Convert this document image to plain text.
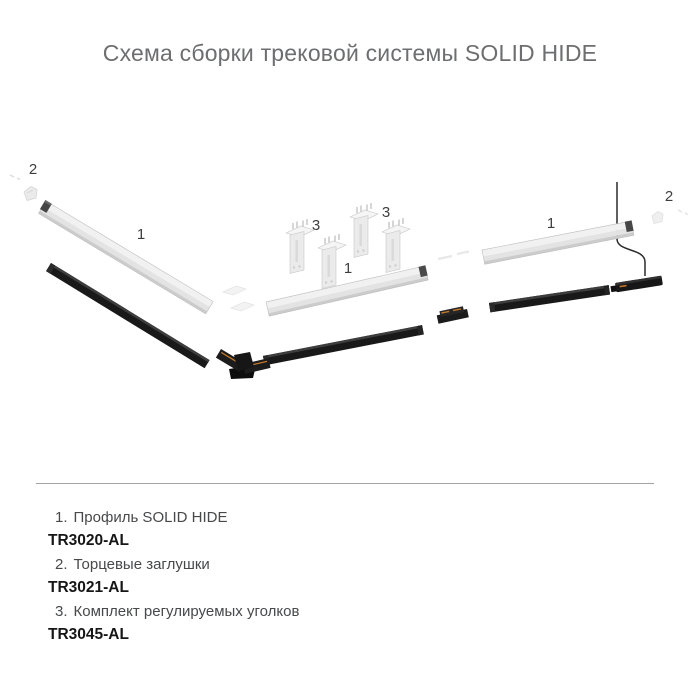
Схема сборки трековой системы SOLID HIDE
2
1
3
3
1
1
2

1. Профиль SOLID HIDE

TR3020-AL

2. Торцевые заглушки

TR3021-AL

3. Комплект регулируемых уголков

TR3045-AL
